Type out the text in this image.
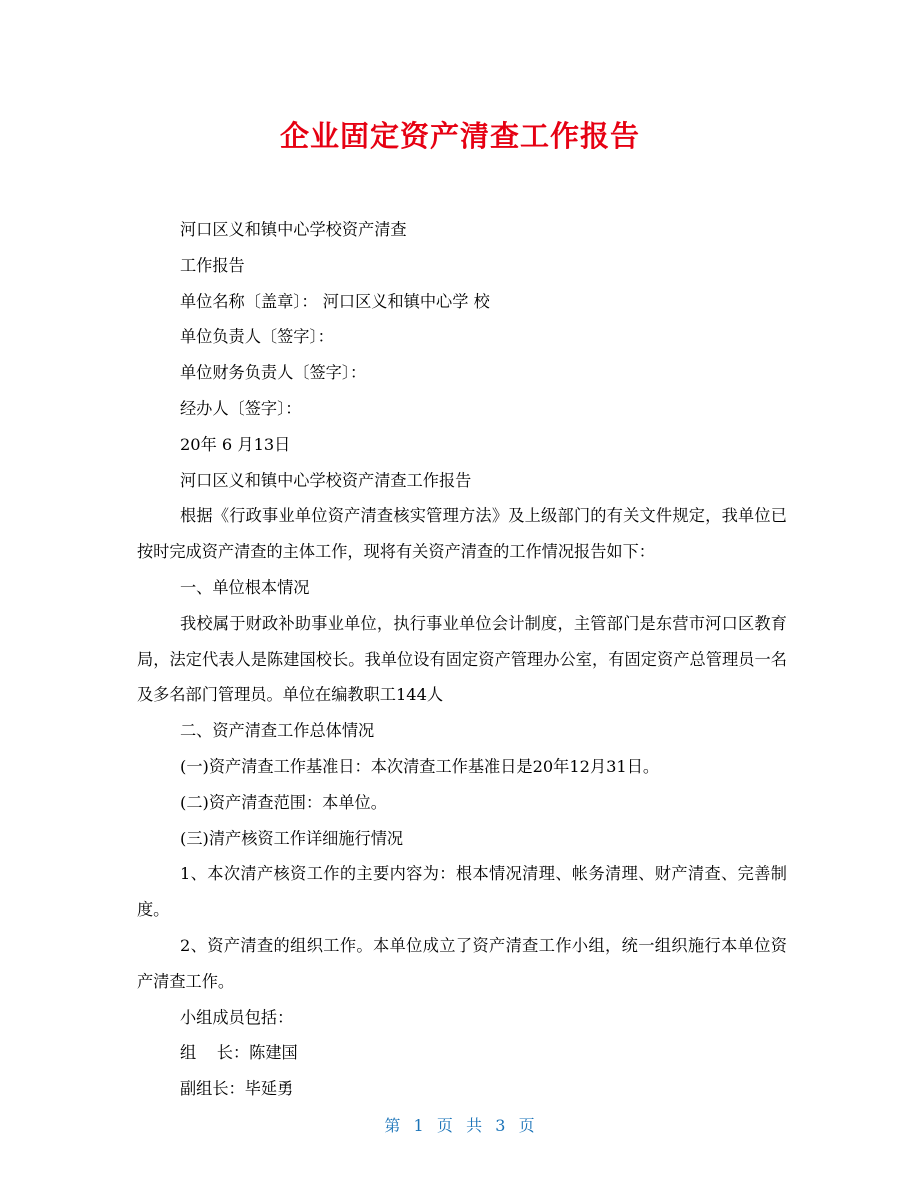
企业固定资产清查工作报告

河口区义和镇中心学校资产清查

工作报告

单位名称〔盖章〕： 河口区义和镇中心学 校

单位负责人〔签字〕：

单位财务负责人〔签字〕：

经办人〔签字〕：

20年 6 月13日

河口区义和镇中心学校资产清查工作报告

根据《行政事业单位资产清查核实管理方法》及上级部门的有关文件规定，我单位已按时完成资产清查的主体工作，现将有关资产清查的工作情况报告如下：

一、单位根本情况

我校属于财政补助事业单位，执行事业单位会计制度，主管部门是东营市河口区教育局，法定代表人是陈建国校长。我单位设有固定资产管理办公室，有固定资产总管理员一名及多名部门管理员。单位在编教职工144人

二、资产清查工作总体情况

(一)资产清查工作基准日：本次清查工作基准日是20年12月31日。

(二)资产清查范围：本单位。

(三)清产核资工作详细施行情况

1、本次清产核资工作的主要内容为：根本情况清理、帐务清理、财产清查、完善制度。

2、资产清查的组织工作。本单位成立了资产清查工作小组，统一组织施行本单位资产清查工作。

小组成员包括：

组    长：陈建国

副组长：毕延勇

第  1  页  共  3  页
